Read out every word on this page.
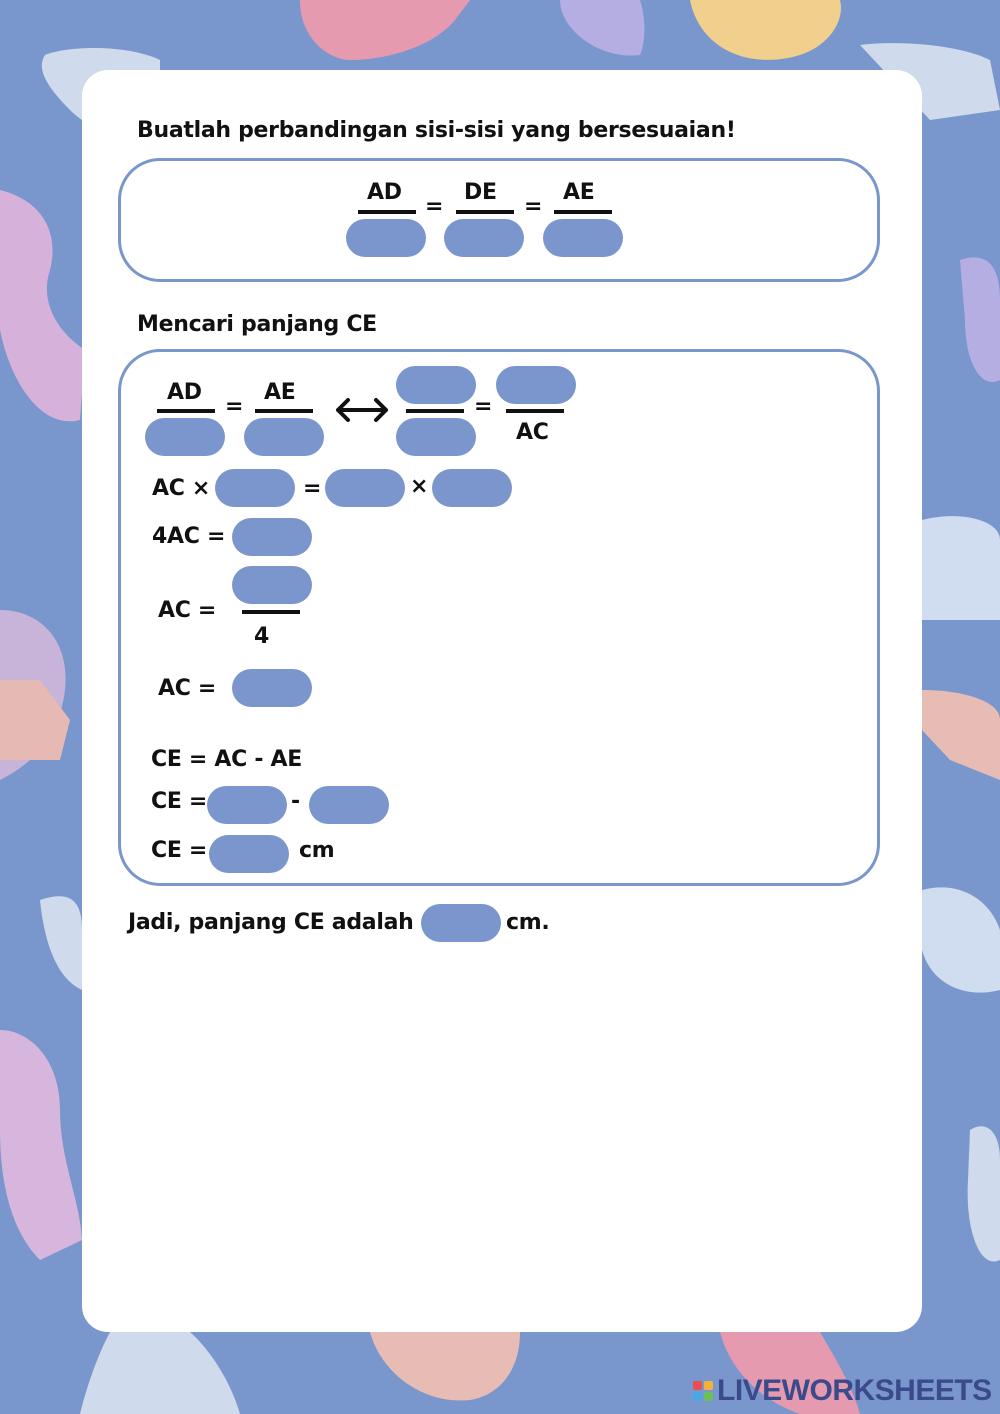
Buatlah perbandingan sisi-sisi yang bersesuaian!
AD
=
DE
=
AE
Mencari panjang CE
AD
=
AE
=
AC
AC ×	=	×
4AC =
AC =
4
AC =
CE = AC - AE
CE =	-
CE =	cm
Jadi, panjang CE adalah	cm.
LIVEWORKSHEETS
